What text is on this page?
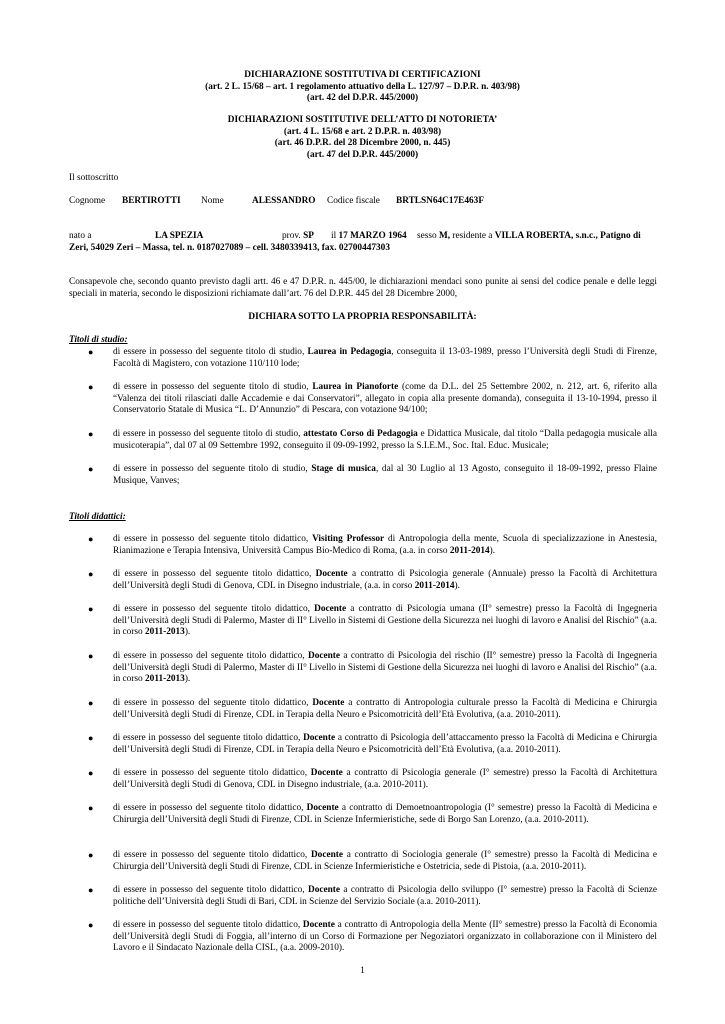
DICHIARAZIONE SOSTITUTIVA DI CERTIFICAZIONI

(art. 2 L. 15/68 – art. 1 regolamento attuativo della L. 127/97 – D.P.R. n. 403/98)

(art. 42 del D.P.R. 445/2000)

DICHIARAZIONI SOSTITUTIVE DELL’ATTO DI NOTORIETA’

(art. 4 L. 15/68 e art. 2 D.P.R. n. 403/98)

(art. 46 D.P.R. del 28 Dicembre 2000, n. 445)

(art. 47 del D.P.R. 445/2000)

Il sottoscritto
Cognome BERTIROTTI Nome	ALESSANDRO Codice fiscale BRTLSN64C17E463F
nato a	LA SPEZIA	prov. SP il 17 MARZO 1964 sesso M, residente a VILLA ROBERTA, s.n.c., Patigno di
Zeri, 54029 Zeri – Massa, tel. n. 0187027089 – cell. 3480339413, fax. 02700447303
Consapevole che, secondo quanto previsto dagli artt. 46 e 47 D.P.R. n. 445/00, le dichiarazioni mendaci sono punite ai sensi del codice penale e delle leggi speciali in materia, secondo le disposizioni richiamate dall’art. 76 del D.P.R. 445 del 28 Dicembre 2000,
DICHIARA SOTTO LA PROPRIA RESPONSABILITÀ:
Titoli di studio:
●	di essere in possesso del seguente titolo di studio, Laurea in Pedagogia, conseguita il 13-03-1989, presso l’Università degli Studi di Firenze, Facoltà di Magistero, con votazione 110/110 lode;
●	di essere in possesso del seguente titolo di studio, Laurea in Pianoforte (come da D.L. del 25 Settembre 2002, n. 212, art. 6, riferito alla “Valenza dei titoli rilasciati dalle Accademie e dai Conservatori”, allegato in copia alla presente domanda), conseguita il 13-10-1994, presso il Conservatorio Statale di Musica “L. D’Annunzio” di Pescara, con votazione 94/100;
●	di essere in possesso del seguente titolo di studio, attestato Corso di Pedagogia e Didattica Musicale, dal titolo “Dalla pedagogia musicale alla musicoterapia”, dal 07 al 09 Settembre 1992, conseguito il 09-09-1992, presso la S.I.E.M., Soc. Ital. Educ. Musicale;
●	di essere in possesso del seguente titolo di studio, Stage di musica, dal al 30 Luglio al 13 Agosto, conseguito il 18-09-1992, presso Flaine Musique, Vanves;
Titoli didattici:
●	di essere in possesso del seguente titolo didattico, Visiting Professor di Antropologia della mente, Scuola di specializzazione in Anestesia, Rianimazione e Terapia Intensiva, Università Campus Bio-Medico di Roma, (a.a. in corso 2011-2014).
●	di essere in possesso del seguente titolo didattico, Docente a contratto di Psicologia generale (Annuale) presso la Facoltà di Architettura dell’Università degli Studi di Genova, CDL in Disegno industriale, (a.a. in corso 2011-2014).
●	di essere in possesso del seguente titolo didattico, Docente a contratto di Psicologia umana (II° semestre) presso la Facoltà di Ingegneria dell’Università degli Studi di Palermo, Master di II° Livello in Sistemi di Gestione della Sicurezza nei luoghi di lavoro e Analisi del Rischio” (a.a. in corso 2011-2013).
●	di essere in possesso del seguente titolo didattico, Docente a contratto di Psicologia del rischio (II° semestre) presso la Facoltà di Ingegneria dell’Università degli Studi di Palermo, Master di II° Livello in Sistemi di Gestione della Sicurezza nei luoghi di lavoro e Analisi del Rischio” (a.a. in corso 2011-2013).
●	di essere in possesso del seguente titolo didattico, Docente a contratto di Antropologia culturale presso la Facoltà di Medicina e Chirurgia dell’Università degli Studi di Firenze, CDL in Terapia della Neuro e Psicomotricità dell’Età Evolutiva, (a.a. 2010-2011).
●	di essere in possesso del seguente titolo didattico, Docente a contratto di Psicologia dell’attaccamento presso la Facoltà di Medicina e Chirurgia dell’Università degli Studi di Firenze, CDL in Terapia della Neuro e Psicomotricità dell’Età Evolutiva, (a.a. 2010-2011).
●	di essere in possesso del seguente titolo didattico, Docente a contratto di Psicologia generale (I° semestre) presso la Facoltà di Architettura dell’Università degli Studi di Genova, CDL in Disegno industriale, (a.a. 2010-2011).
●	di essere in possesso del seguente titolo didattico, Docente a contratto di Demoetnoantropologia (I° semestre) presso la Facoltà di Medicina e Chirurgia dell’Università degli Studi di Firenze, CDL in Scienze Infermieristiche, sede di Borgo San Lorenzo, (a.a. 2010-2011).
●	di essere in possesso del seguente titolo didattico, Docente a contratto di Sociologia generale (I° semestre) presso la Facoltà di Medicina e Chirurgia dell’Università degli Studi di Firenze, CDL in Scienze Infermieristiche e Ostetricia, sede di Pistoia, (a.a. 2010-2011).
●	di essere in possesso del seguente titolo didattico, Docente a contratto di Psicologia dello sviluppo (I° semestre) presso la Facoltà di Scienze politiche dell’Università degli Studi di Bari, CDL in Scienze del Servizio Sociale (a.a. 2010-2011).
●	di essere in possesso del seguente titolo didattico, Docente a contratto di Antropologia della Mente (II° semestre) presso la Facoltà di Economia dell’Università degli Studi di Foggia, all’interno di un Corso di Formazione per Negoziatori organizzato in collaborazione con il Ministero del Lavoro e il Sindacato Nazionale della CISL, (a.a. 2009-2010).
1
